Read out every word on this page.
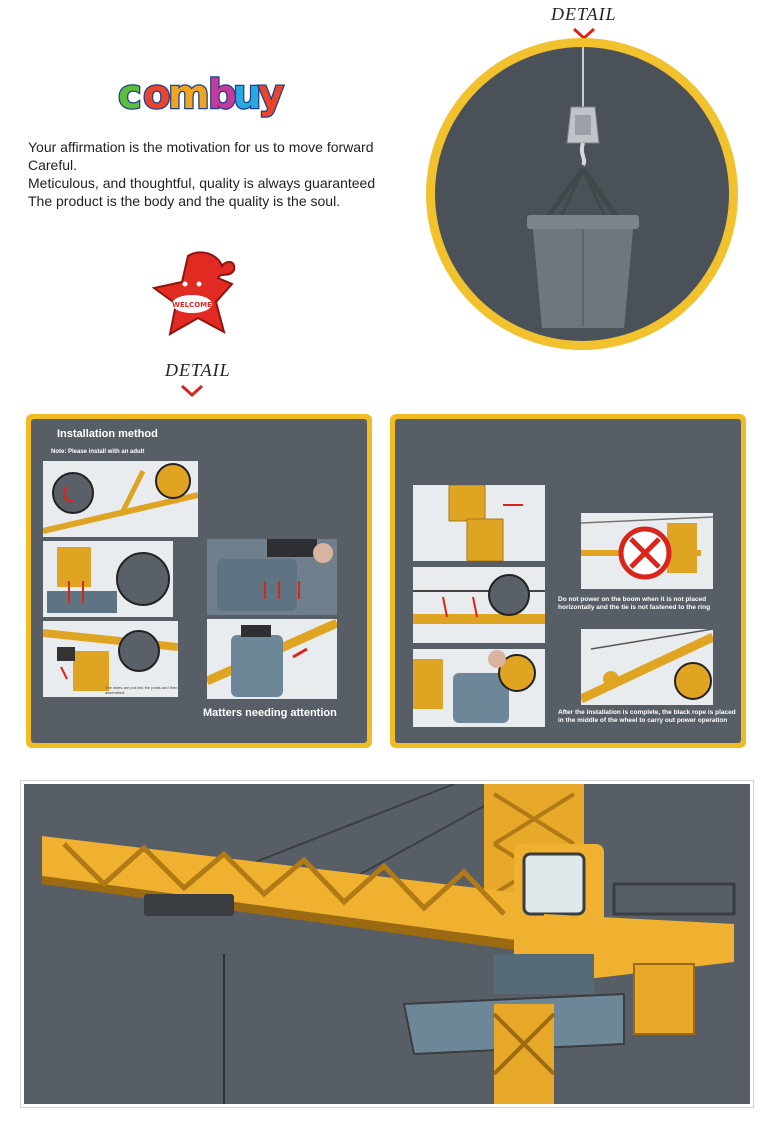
DETAIL
c o
m
b
u
y
Your affirmation is the motivation for us to move forward
Careful.
Meticulous, and thoughtful, quality is always guaranteed
The product is the body and the quality is the soul.
WELCOME
DETAIL
Installation method
Note: Please install with an adult
The wires are put into the posts and then assembled
Matters needing attention
Do not power on the boom when it is not placed horizontally and the tie is not fastened to the ring
After the installation is complete, the black rope is placed in the middle of the wheel to carry out power operation
